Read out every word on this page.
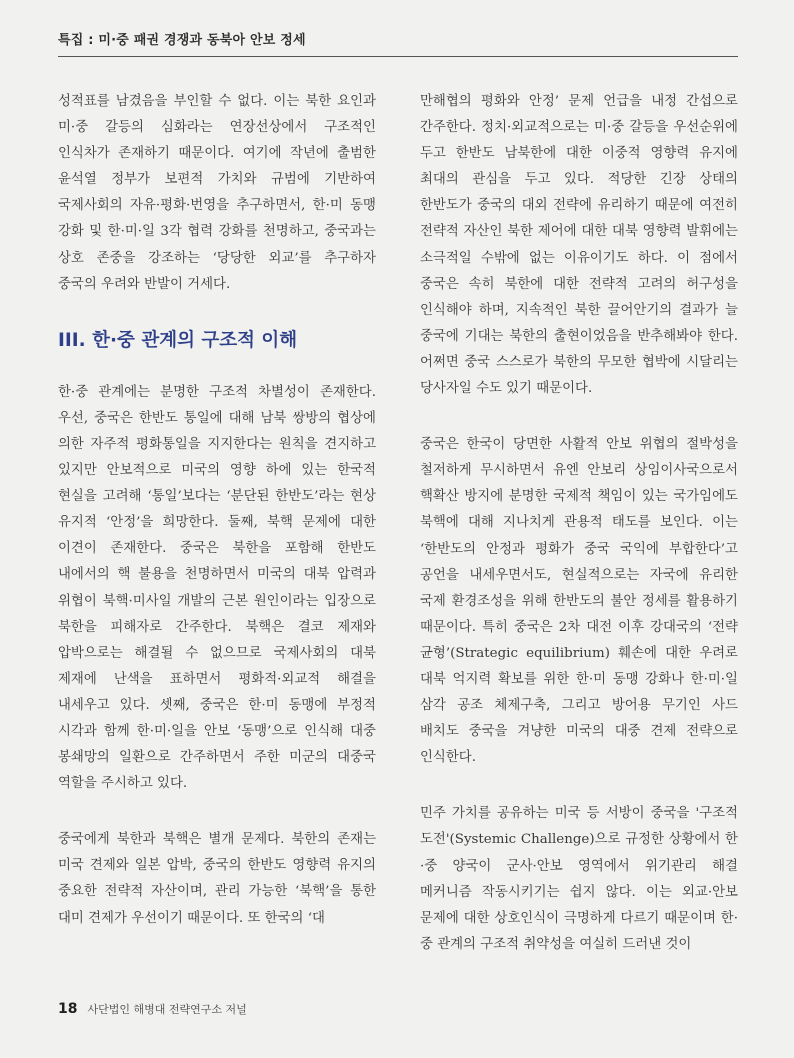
특집 : 미·중 패권 경쟁과 동북아 안보 정세

성적표를 남겼음을 부인할 수 없다. 이는 북한 요인과 미·중 갈등의 심화라는 연장선상에서 구조적인 인식차가 존재하기 때문이다. 여기에 작년에 출범한 윤석열 정부가 보편적 가치와 규범에 기반하여 국제사회의 자유·평화·번영을 추구하면서, 한·미 동맹 강화 및 한·미·일 3각 협력 강화를 천명하고, 중국과는 상호 존중을 강조하는 ‘당당한 외교’를 추구하자 중국의 우려와 반발이 거세다.

III. 한·중 관계의 구조적 이해

한·중 관계에는 분명한 구조적 차별성이 존재한다. 우선, 중국은 한반도 통일에 대해 남북 쌍방의 협상에 의한 자주적 평화통일을 지지한다는 원칙을 견지하고 있지만 안보적으로 미국의 영향 하에 있는 한국적 현실을 고려해 ‘통일’보다는 ‘분단된 한반도’라는 현상 유지적 ‘안정’을 희망한다. 둘째, 북핵 문제에 대한 이견이 존재한다. 중국은 북한을 포함해 한반도 내에서의 핵 불용을 천명하면서 미국의 대북 압력과 위협이 북핵·미사일 개발의 근본 원인이라는 입장으로 북한을 피해자로 간주한다. 북핵은 결코 제재와 압박으로는 해결될 수 없으므로 국제사회의 대북 제재에 난색을 표하면서 평화적·외교적 해결을 내세우고 있다. 셋째, 중국은 한·미 동맹에 부정적 시각과 함께 한·미·일을 안보 ‘동맹’으로 인식해 대중 봉쇄망의 일환으로 간주하면서 주한 미군의 대중국 역할을 주시하고 있다.

중국에게 북한과 북핵은 별개 문제다. 북한의 존재는 미국 견제와 일본 압박, 중국의 한반도 영향력 유지의 중요한 전략적 자산이며, 관리 가능한 ‘북핵’을 통한 대미 견제가 우선이기 때문이다. 또 한국의 ‘대

만해협의 평화와 안정’ 문제 언급을 내정 간섭으로 간주한다. 정치·외교적으로는 미·중 갈등을 우선순위에 두고 한반도 남북한에 대한 이중적 영향력 유지에 최대의 관심을 두고 있다. 적당한 긴장 상태의 한반도가 중국의 대외 전략에 유리하기 때문에 여전히 전략적 자산인 북한 제어에 대한 대북 영향력 발휘에는 소극적일 수밖에 없는 이유이기도 하다. 이 점에서 중국은 속히 북한에 대한 전략적 고려의 허구성을 인식해야 하며, 지속적인 북한 끌어안기의 결과가 늘 중국에 기대는 북한의 출현이었음을 반추해봐야 한다. 어쩌면 중국 스스로가 북한의 무모한 협박에 시달리는 당사자일 수도 있기 때문이다.

중국은 한국이 당면한 사활적 안보 위협의 절박성을 철저하게 무시하면서 유엔 안보리 상임이사국으로서 핵확산 방지에 분명한 국제적 책임이 있는 국가임에도 북핵에 대해 지나치게 관용적 태도를 보인다. 이는 ‘한반도의 안정과 평화가 중국 국익에 부합한다’고 공언을 내세우면서도, 현실적으로는 자국에 유리한 국제 환경조성을 위해 한반도의 불안 정세를 활용하기 때문이다. 특히 중국은 2차 대전 이후 강대국의 ‘전략 균형’(Strategic equilibrium) 훼손에 대한 우려로 대북 억지력 확보를 위한 한·미 동맹 강화나 한·미·일 삼각 공조 체제구축, 그리고 방어용 무기인 사드 배치도 중국을 겨냥한 미국의 대중 견제 전략으로 인식한다.

민주 가치를 공유하는 미국 등 서방이 중국을 '구조적 도전'(Systemic Challenge)으로 규정한 상황에서 한·중 양국이 군사·안보 영역에서 위기관리 해결 메커니즘 작동시키기는 쉽지 않다. 이는 외교·안보 문제에 대한 상호인식이 극명하게 다르기 때문이며 한·중 관계의 구조적 취약성을 여실히 드러낸 것이

18 사단법인 해병대 전략연구소 저널
